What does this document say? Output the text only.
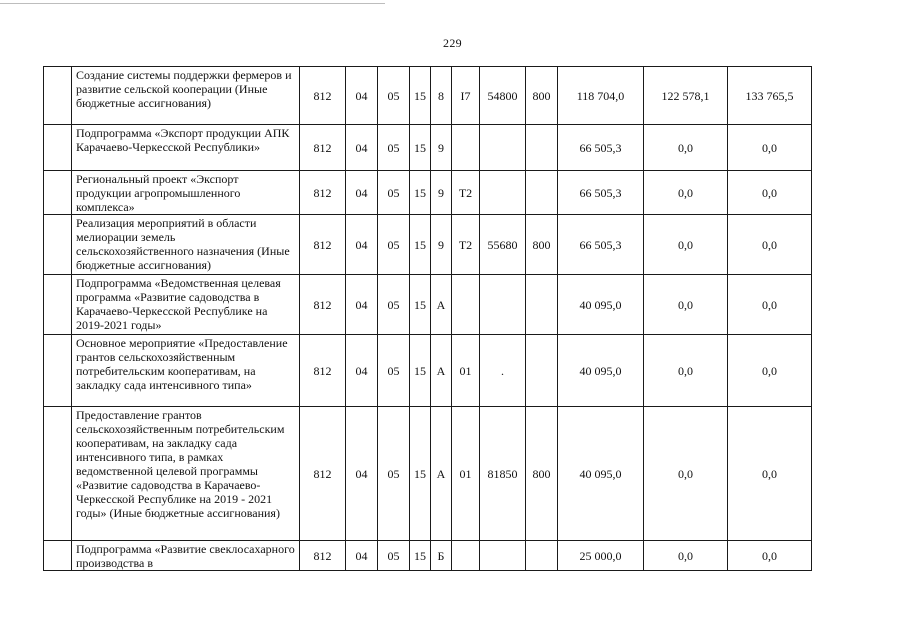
229
	Создание системы поддержки фермеров и развитие сельской кооперации (Иные бюджетные ассигнования)	812	04	05	15	8	I7	54800	800	118 704,0	122 578,1	133 765,5
	Подпрограмма «Экспорт продукции АПК Карачаево-Черкесской Республики»	812	04	05	15	9				66 505,3	0,0	0,0
	Региональный проект «Экспорт продукции агропромышленного комплекса»	812	04	05	15	9	T2			66 505,3	0,0	0,0
	Реализация мероприятий в области мелиорации земель сельскохозяйственного назначения (Иные бюджетные ассигнования)	812	04	05	15	9	T2	55680	800	66 505,3	0,0	0,0
	Подпрограмма «Ведомственная целевая программа «Развитие садоводства в Карачаево-Черкесской Республике на 2019-2021 годы»	812	04	05	15	А				40 095,0	0,0	0,0
	Основное мероприятие «Предоставление грантов сельскохозяйственным потребительским кооперативам, на закладку сада интенсивного типа»	812	04	05	15	А	01	.		40 095,0	0,0	0,0
	Предоставление грантов сельскохозяйственным потребительским кооперативам, на закладку сада интенсивного типа, в рамках ведомственной целевой программы «Развитие садоводства в Карачаево-Черкесской Республике на 2019 - 2021 годы» (Иные бюджетные ассигнования)	812	04	05	15	А	01	81850	800	40 095,0	0,0	0,0
	Подпрограмма «Развитие свеклосахарного производства в	812	04	05	15	Б				25 000,0	0,0	0,0
